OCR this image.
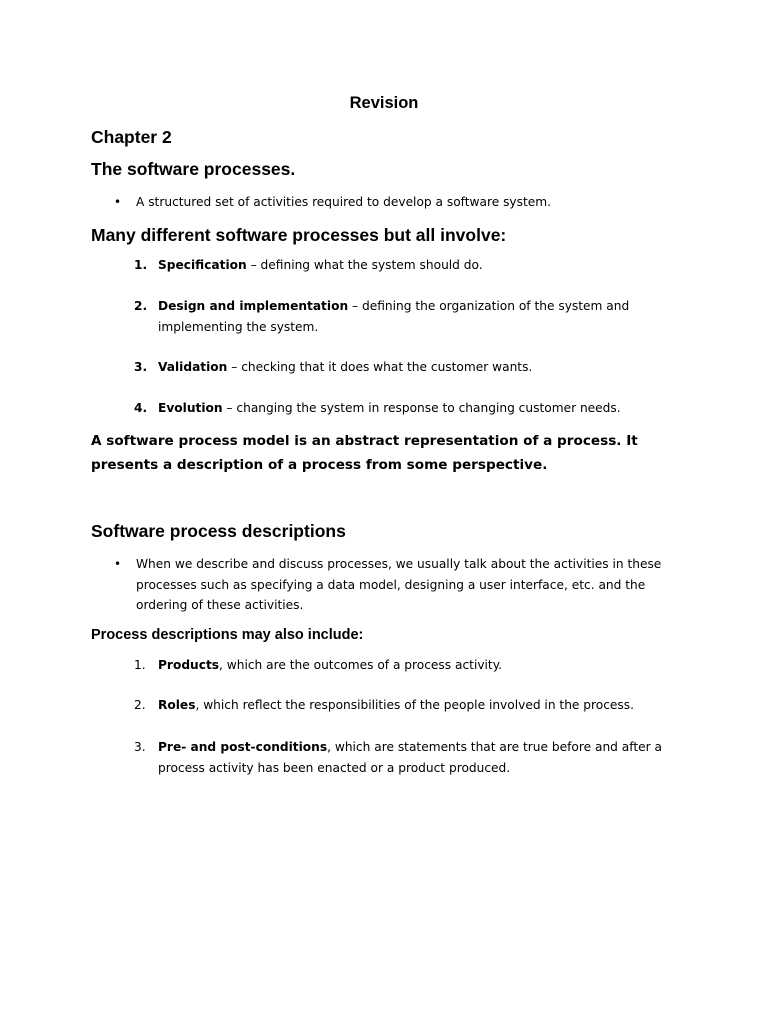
Revision
Chapter 2
The software processes.
• A structured set of activities required to develop a software system.
Many different software processes but all involve:
1. Specification – defining what the system should do.
2. Design and implementation – defining the organization of the system and implementing the system.
3. Validation – checking that it does what the customer wants.
4. Evolution – changing the system in response to changing customer needs.
A software process model is an abstract representation of a process. It presents a description of a process from some perspective.
Software process descriptions
• When we describe and discuss processes, we usually talk about the activities in these processes such as specifying a data model, designing a user interface, etc. and the ordering of these activities.
Process descriptions may also include:
1.	Products, which are the outcomes of a process activity.
2.	Roles, which reflect the responsibilities of the people involved in the process.
3.	Pre- and post-conditions, which are statements that are true before and after a process activity has been enacted or a product produced.
